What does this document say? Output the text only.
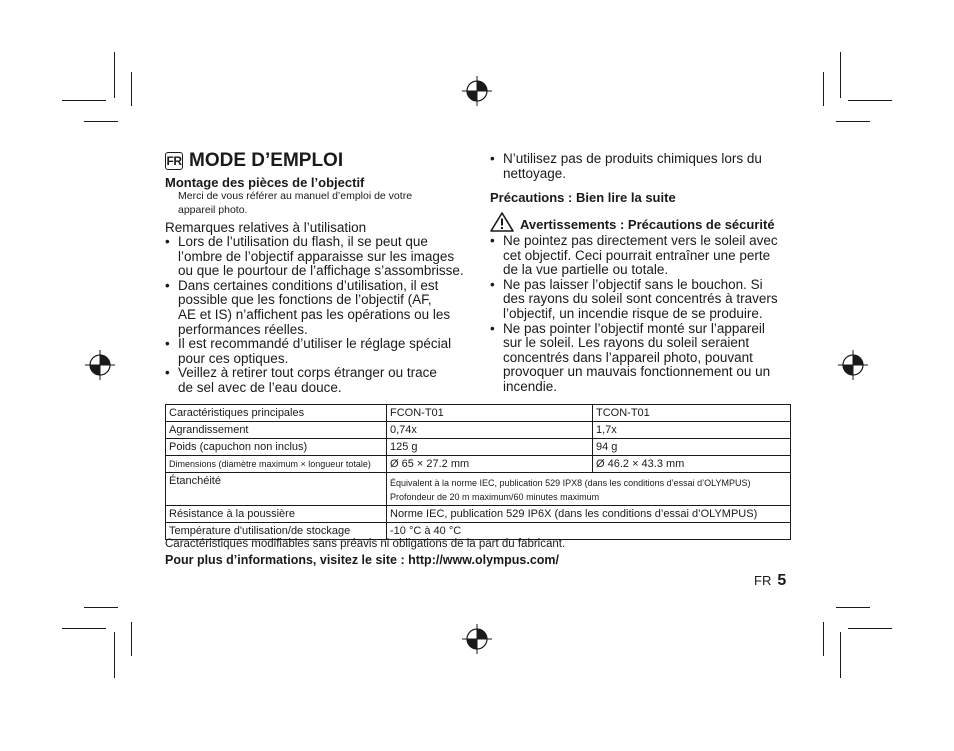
FR MODE D’EMPLOI
Montage des pièces de l’objectif
Merci de vous référer au manuel d’emploi de votre
appareil photo.
Remarques relatives à l’utilisation
• Lors de l’utilisation du flash, il se peut que
l’ombre de l’objectif apparaisse sur les images
ou que le pourtour de l’affichage s’assombrisse.
• Dans certaines conditions d’utilisation, il est
possible que les fonctions de l’objectif (AF,
AE et IS) n’affichent pas les opérations ou les
performances réelles.
• Il est recommandé d’utiliser le réglage spécial
pour ces optiques.
• Veillez à retirer tout corps étranger ou trace
de sel avec de l’eau douce.
• N’utilisez pas de produits chimiques lors du
nettoyage.
Précautions : Bien lire la suite
Avertissements : Précautions de sécurité
• Ne pointez pas directement vers le soleil avec
cet objectif. Ceci pourrait entraîner une perte
de la vue partielle ou totale.
• Ne pas laisser l’objectif sans le bouchon. Si
des rayons du soleil sont concentrés à travers
l’objectif, un incendie risque de se produire.
• Ne pas pointer l’objectif monté sur l’appareil
sur le soleil. Les rayons du soleil seraient
concentrés dans l’appareil photo, pouvant
provoquer un mauvais fonctionnement ou un
incendie.
Caractéristiques principales	FCON-T01	TCON-T01
Agrandissement	0,74x	1,7x
Poids (capuchon non inclus)	125 g	94 g
Dimensions (diamètre maximum × longueur totale)	Ø 65 × 27.2 mm	Ø 46.2 × 43.3 mm
Étanchéité	Équivalent à la norme IEC, publication 529 IPX8 (dans les conditions d’essai d’OLYMPUS)
Profondeur de 20 m maximum/60 minutes maximum	

Résistance à la poussière	Norme IEC, publication 529 IP6X (dans les conditions d’essai d’OLYMPUS)	
Température d'utilisation/de stockage	-10 °C à 40 °C	
Caractéristiques modifiables sans préavis ni obligations de la part du fabricant.
Pour plus d’informations, visitez le site : http://www.olympus.com/
FR 5
